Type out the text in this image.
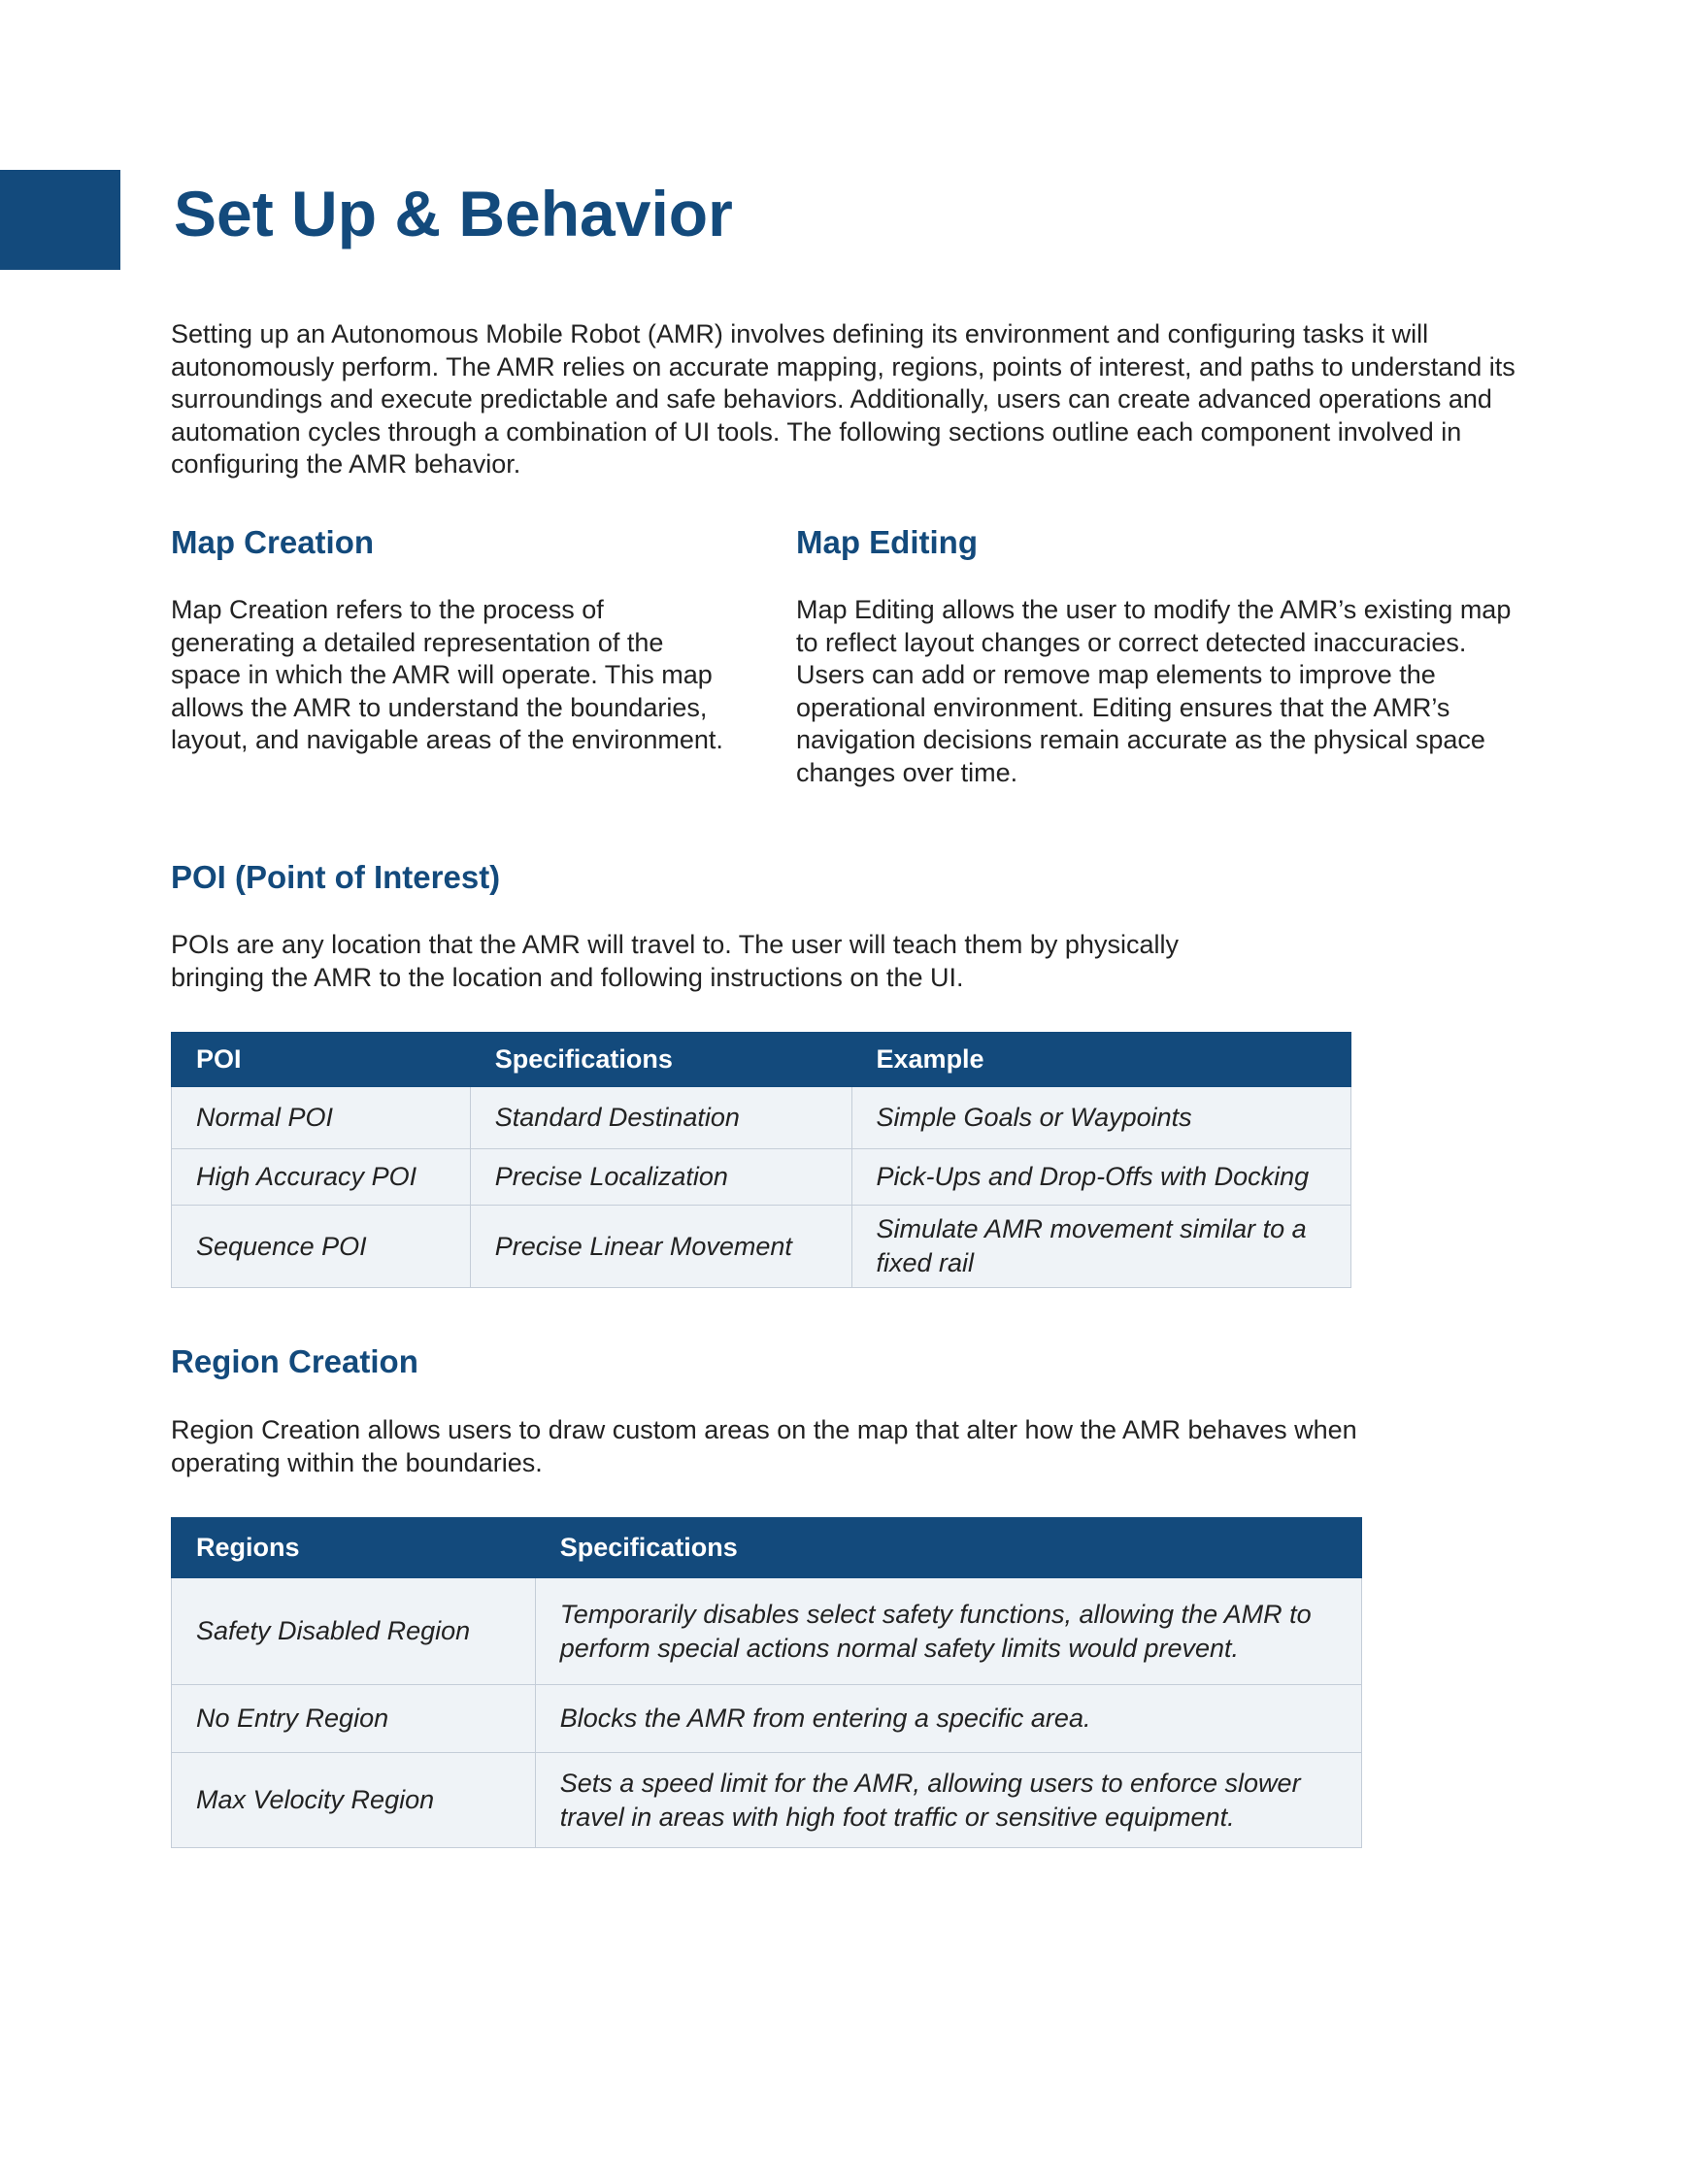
Set Up & Behavior

Setting up an Autonomous Mobile Robot (AMR) involves defining its environment and configuring tasks it will autonomously perform. The AMR relies on accurate mapping, regions, points of interest, and paths to understand its surroundings and execute predictable and safe behaviors. Additionally, users can create advanced operations and automation cycles through a combination of UI tools. The following sections outline each component involved in configuring the AMR behavior.

Map Creation

Map Creation refers to the process of generating a detailed representation of the space in which the AMR will operate. This map allows the AMR to understand the boundaries, layout, and navigable areas of the environment.

Map Editing

Map Editing allows the user to modify the AMR’s existing map to reflect layout changes or correct detected inaccuracies. Users can add or remove map elements to improve the operational environment. Editing ensures that the AMR’s navigation decisions remain accurate as the physical space changes over time.

POI (Point of Interest)

POIs are any location that the AMR will travel to. The user will teach them by physically bringing the AMR to the location and following instructions on the UI.

POI	Specifications	Example
Normal POI	Standard Destination	Simple Goals or Waypoints
High Accuracy POI	Precise Localization	Pick-Ups and Drop-Offs with Docking
Sequence POI	Precise Linear Movement	Simulate AMR movement similar to a fixed rail
Region Creation

Region Creation allows users to draw custom areas on the map that alter how the AMR behaves when operating within the boundaries.

Regions	Specifications
Safety Disabled Region	Temporarily disables select safety functions, allowing the AMR to perform special actions normal safety limits would prevent.
No Entry Region	Blocks the AMR from entering a specific area.
Max Velocity Region	Sets a speed limit for the AMR, allowing users to enforce slower travel in areas with high foot traffic or sensitive equipment.
